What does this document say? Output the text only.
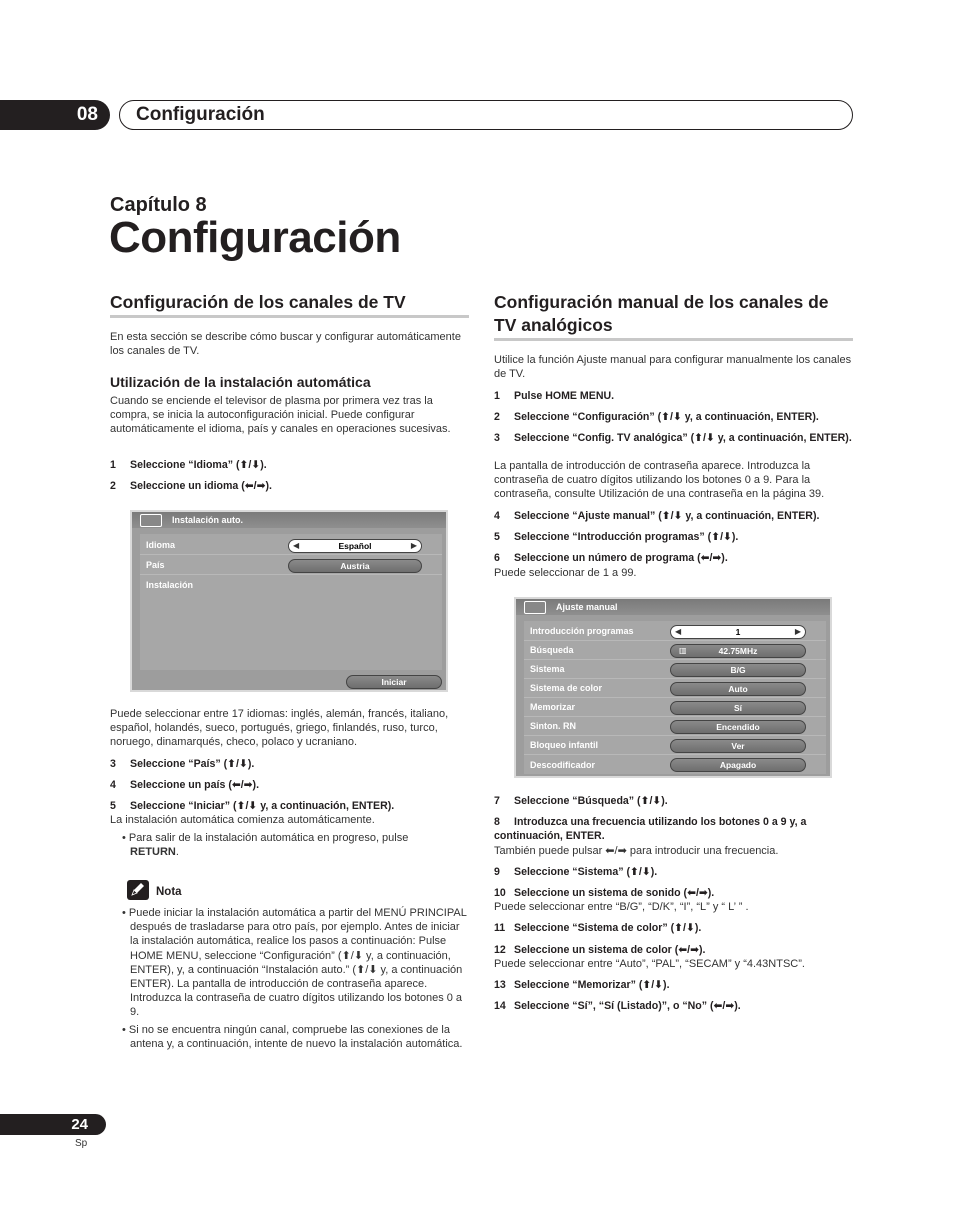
08	Configuración
Capítulo 8
Configuración
Configuración de los canales de TV
En esta sección se describe cómo buscar y configurar automáticamente los canales de TV.
Utilización de la instalación automática
Cuando se enciende el televisor de plasma por primera vez tras la compra, se inicia la autoconfiguración inicial. Puede configurar automáticamente el idioma, país y canales en operaciones sucesivas.
1 Seleccione “Idioma” (⬆/⬇).
2 Seleccione un idioma (⬅/➡).
Instalación auto.
Idioma	◀	Español	▶
País	Austria
Instalación
Iniciar
Puede seleccionar entre 17 idiomas: inglés, alemán, francés, italiano, español, holandés, sueco, portugués, griego, finlandés, ruso, turco, noruego, dinamarqués, checo, polaco y ucraniano.
3 Seleccione “País” (⬆/⬇).
4 Seleccione un país (⬅/➡).
5 Seleccione “Iniciar” (⬆/⬇ y, a continuación, ENTER).
La instalación automática comienza automáticamente.
• Para salir de la instalación automática en progreso, pulse
RETURN.
Nota
• Puede iniciar la instalación automática a partir del MENÚ PRINCIPAL después de trasladarse para otro país, por ejemplo. Antes de iniciar la instalación automática, realice los pasos a continuación: Pulse HOME MENU, seleccione “Configuración” (⬆/⬇ y, a continuación, ENTER), y, a continuación “Instalación auto.” (⬆/⬇ y, a continuación ENTER). La pantalla de introducción de contraseña aparece. Introduzca la contraseña de cuatro dígitos utilizando los botones 0 a 9.
• Si no se encuentra ningún canal, compruebe las conexiones de la antena y, a continuación, intente de nuevo la instalación automática.
Configuración manual de los canales de TV analógicos
Utilice la función Ajuste manual para configurar manualmente los canales de TV.
1 Pulse HOME MENU.
2 Seleccione “Configuración” (⬆/⬇ y, a continuación, ENTER).
3 Seleccione “Config. TV analógica” (⬆/⬇ y, a continuación, ENTER).
La pantalla de introducción de contraseña aparece. Introduzca la contraseña de cuatro dígitos utilizando los botones 0 a 9. Para la contraseña, consulte Utilización de una contraseña en la página 39.
4 Seleccione “Ajuste manual” (⬆/⬇ y, a continuación, ENTER).
5 Seleccione “Introducción programas” (⬆/⬇).
6 Seleccione un número de programa (⬅/➡).
Puede seleccionar de 1 a 99.
Ajuste manual
Introducción programas	◀	1	▶
Búsqueda	▥	42.75MHz
Sistema	B/G
Sistema de color	Auto
Memorizar	Sí
Sinton. RN	Encendido
Bloqueo infantil	Ver
Descodificador	Apagado
7 Seleccione “Búsqueda” (⬆/⬇).
8 Introduzca una frecuencia utilizando los botones 0 a 9 y, a continuación, ENTER.
También puede pulsar ⬅/➡ para introducir una frecuencia.
9 Seleccione “Sistema” (⬆/⬇).
10 Seleccione un sistema de sonido (⬅/➡).
Puede seleccionar entre “B/G”, “D/K”, “I”, “L” y “ L’ ” .
11 Seleccione “Sistema de color” (⬆/⬇).
12 Seleccione un sistema de color (⬅/➡).
Puede seleccionar entre “Auto”, “PAL”, “SECAM” y “4.43NTSC”.
13 Seleccione “Memorizar” (⬆/⬇).
14 Seleccione “Sí”, “Sí (Listado)”, o “No” (⬅/➡).
24
Sp
